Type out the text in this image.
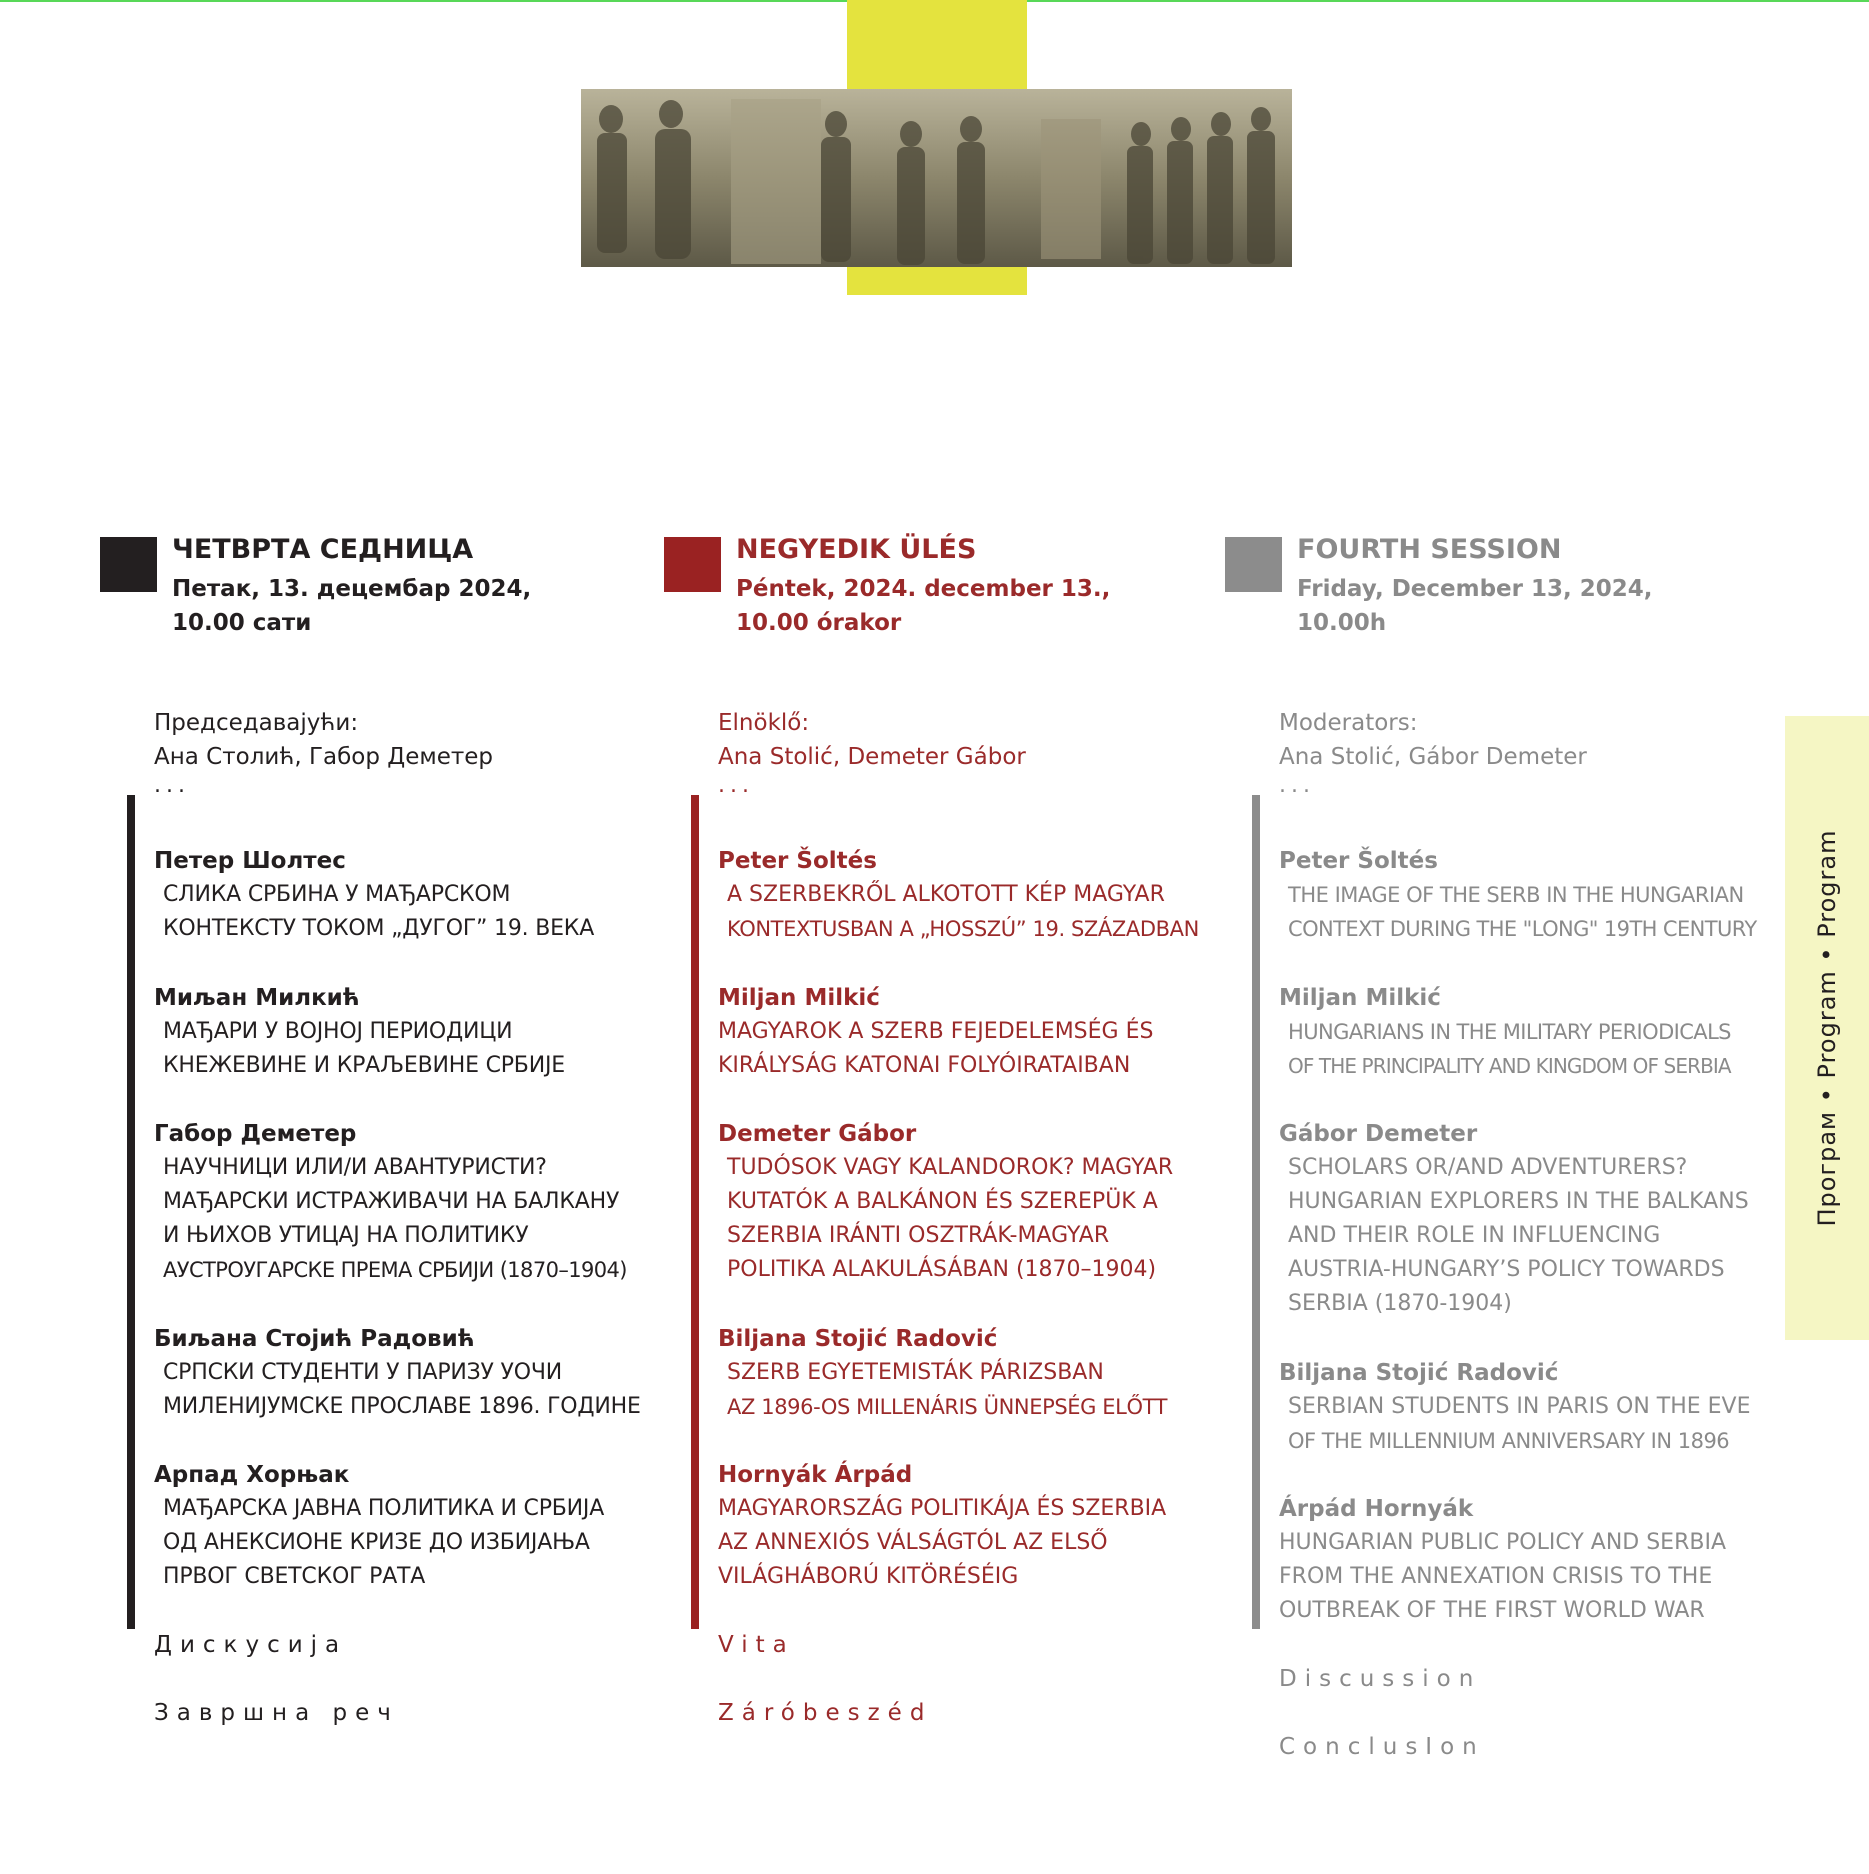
ЧЕТВРТА СЕДНИЦА
Петак, 13. децембар 2024,
10.00 сати
Председавајући:
Ана Столић, Габор Деметер
...
Петер Шолтес
СЛИКА СРБИНА У МАЂАРСКОМ
КОНТЕКСТУ ТОКОМ „ДУГОГ” 19. ВЕКА
Миљан Милкић
МАЂАРИ У ВОЈНОЈ ПЕРИОДИЦИ
КНЕЖЕВИНЕ И КРАЉЕВИНЕ СРБИЈЕ
Габор Деметер
НАУЧНИЦИ ИЛИ/И АВАНТУРИСТИ?
МАЂАРСКИ ИСТРАЖИВАЧИ НА БАЛКАНУ
И ЊИХОВ УТИЦАЈ НА ПОЛИТИКУ
АУСТРОУГАРСКЕ ПРЕМА СРБИЈИ (1870–1904)
Биљана Стојић Радовић
СРПСКИ СТУДЕНТИ У ПАРИЗУ УОЧИ
МИЛЕНИЈУМСКЕ ПРОСЛАВЕ 1896. ГОДИНЕ
Арпад Хорњак
МАЂАРСКА ЈАВНА ПОЛИТИКА И СРБИЈА
ОД АНЕКСИОНЕ КРИЗЕ ДО ИЗБИЈАЊА
ПРВОГ СВЕТСКОГ РАТА
Дискусија
Завршна реч
NEGYEDIK ÜLÉS
Péntek, 2024. december 13.,
10.00 órakor
Elnöklő:
Ana Stolić, Demeter Gábor
...
Peter Šoltés
A SZERBEKRŐL ALKOTOTT KÉP MAGYAR
KONTEXTUSBAN A „HOSSZÚ” 19. SZÁZADBAN
Miljan Milkić
MAGYAROK A SZERB FEJEDELEMSÉG ÉS
KIRÁLYSÁG KATONAI FOLYÓIRATAIBAN
Demeter Gábor
TUDÓSOK VAGY KALANDOROK? MAGYAR
KUTATÓK A BALKÁNON ÉS SZEREPÜK A
SZERBIA IRÁNTI OSZTRÁK-MAGYAR
POLITIKA ALAKULÁSÁBAN (1870–1904)
Biljana Stojić Radović
SZERB EGYETEMISTÁK PÁRIZSBAN
AZ 1896-OS MILLENÁRIS ÜNNEPSÉG ELŐTT
Hornyák Árpád
MAGYARORSZÁG POLITIKÁJA ÉS SZERBIA
AZ ANNEXIÓS VÁLSÁGTÓL AZ ELSŐ
VILÁGHÁBORÚ KITÖRÉSÉIG
Vita
Záróbeszéd
FOURTH SESSION
Friday, December 13, 2024,
10.00h
Moderators:
Ana Stolić, Gábor Demeter
...
Peter Šoltés
THE IMAGE OF THE SERB IN THE HUNGARIAN
CONTEXT DURING THE "LONG" 19TH CENTURY
Miljan Milkić
HUNGARIANS IN THE MILITARY PERIODICALS
OF THE PRINCIPALITY AND KINGDOM OF SERBIA
Gábor Demeter
SCHOLARS OR/AND ADVENTURERS?
HUNGARIAN EXPLORERS IN THE BALKANS
AND THEIR ROLE IN INFLUENCING
AUSTRIA-HUNGARY’S POLICY TOWARDS
SERBIA (1870-1904)
Biljana Stojić Radović
SERBIAN STUDENTS IN PARIS ON THE EVE
OF THE MILLENNIUM ANNIVERSARY IN 1896
Árpád Hornyák
HUNGARIAN PUBLIC POLICY AND SERBIA
FROM THE ANNEXATION CRISIS TO THE
OUTBREAK OF THE FIRST WORLD WAR
Discussion
ConclusIon
Програм • Program • Program
